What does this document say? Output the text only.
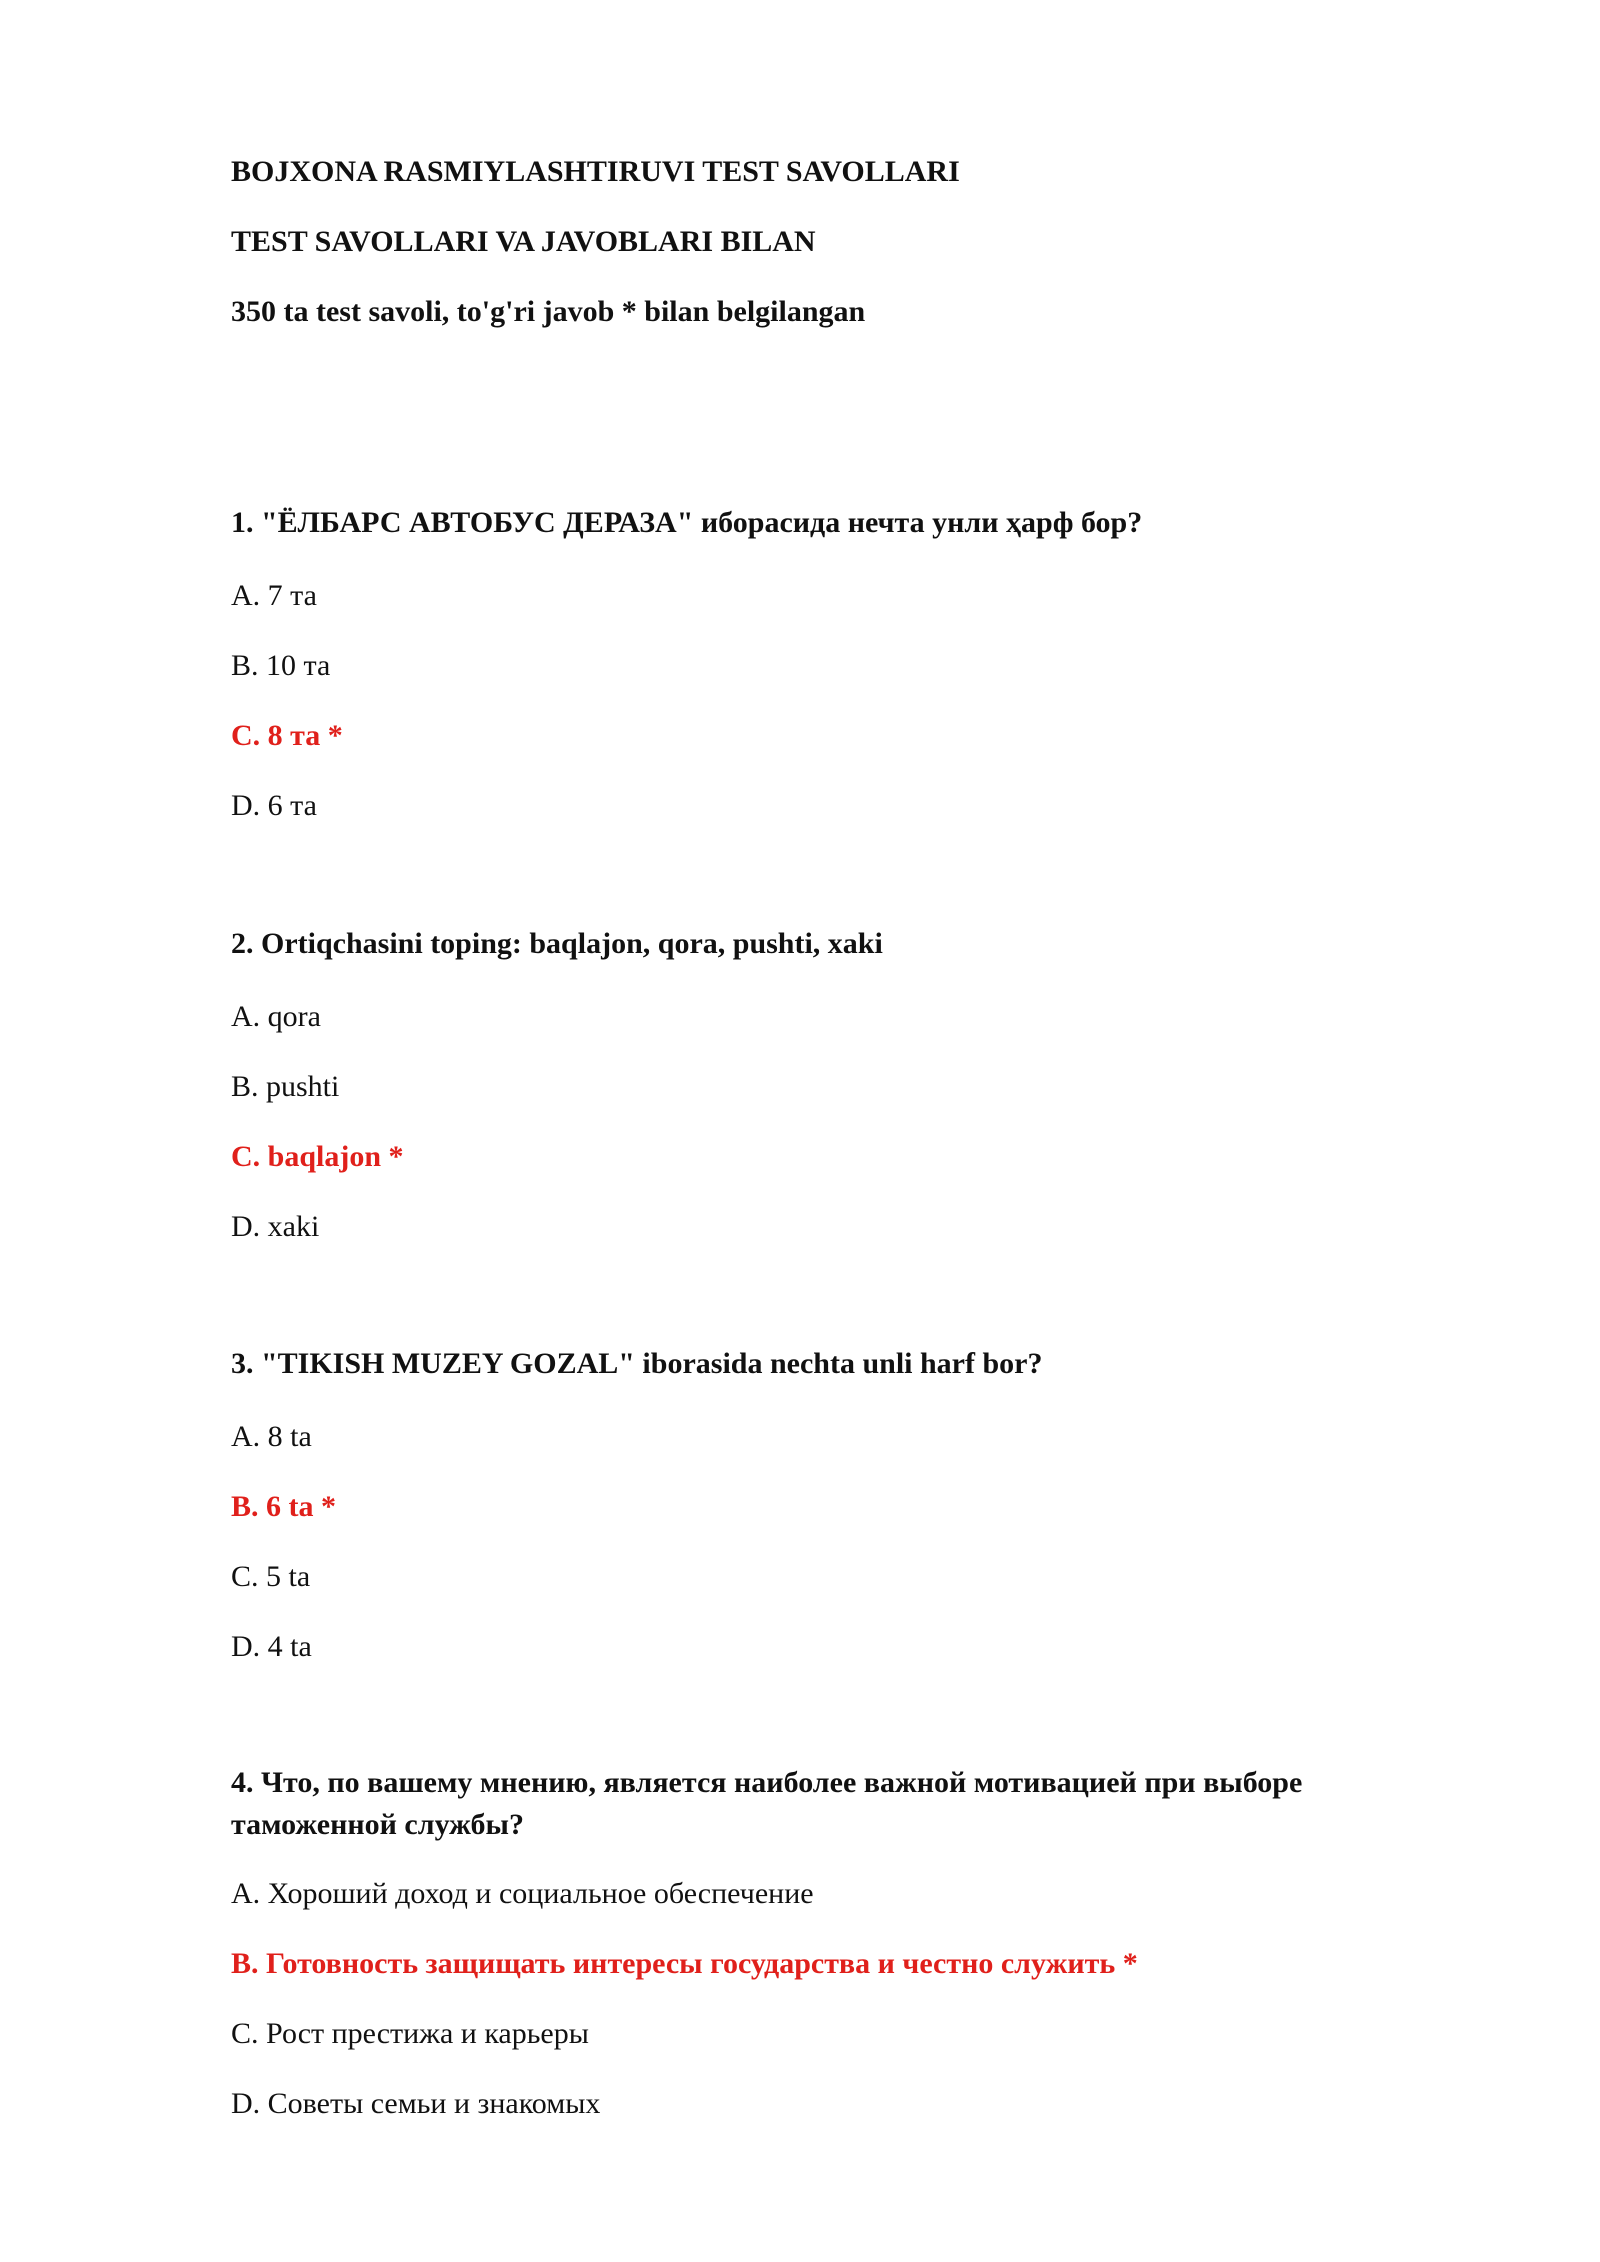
BOJXONA RASMIYLASHTIRUVI TEST SAVOLLARI
TEST SAVOLLARI VA JAVOBLARI BILAN
350 ta test savoli, to'g'ri javob * bilan belgilangan

1. "ЁЛБАРС АВТОБУС ДЕРАЗА" иборасида нечта унли ҳарф бор?

A. 7 та

B. 10 та

C. 8 та *

D. 6 та

2. Ortiqchasini toping: baqlajon, qora, pushti, xaki

A. qora

B. pushti

C. baqlajon *

D. xaki

3. "TIKISH MUZEY GOZAL" iborasida nechta unli harf bor?

A. 8 ta

B. 6 ta *

C. 5 ta

D. 4 ta

4. Что, по вашему мнению, является наиболее важной мотивацией при выборе таможенной службы?

A. Хороший доход и социальное обеспечение

B. Готовность защищать интересы государства и честно служить *

C. Рост престижа и карьеры

D. Советы семьи и знакомых
